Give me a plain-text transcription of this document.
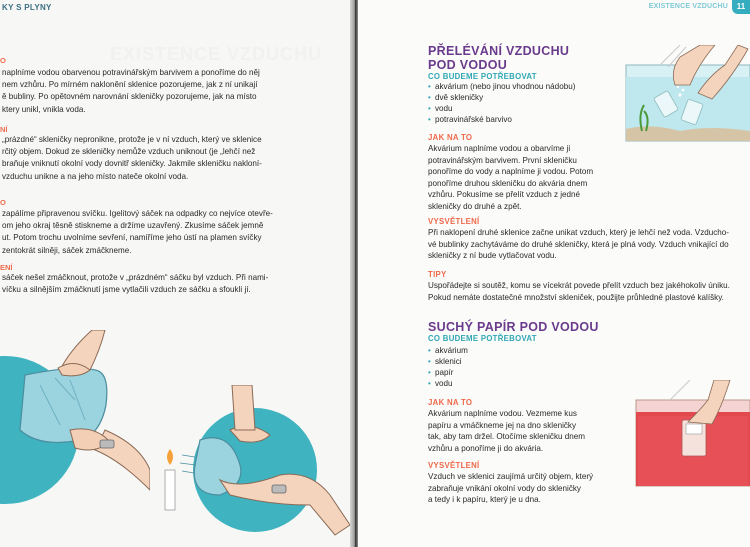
KY S PLYNY
EXISTENCE VZDUCHU
O

naplníme vodou obarvenou potravinářským barvivem a ponoříme do něj
nem vzhůru. Po mírném naklonění sklenice pozorujeme, jak z ní unikají
ě bubliny. Po opětovném narovnání skleničky pozorujeme, jak na místo
ktery unikl, vnikla voda.

NÍ

„prázdné“ skleničky nepronikne, protože je v ní vzduch, který ve sklenice
rčitý objem. Dokud ze skleničky nemůže vzduch uniknout (je „lehčí než
braňuje vniknutí okolní vody dovnitř skleničky. Jakmile skleničku nakloní-
vzduchu unikne a na jeho místo nateče okolní voda.

O

zapálíme připravenou svíčku. Igelitový sáček na odpadky co nejvíce otevře-
om jeho okraj těsně stiskneme a držíme uzavřený. Zkusíme sáček jemně
ut. Potom trochu uvolníme sevření, namíříme jeho ústí na plamen svíčky
zentokrát silněji, sáček zmáčkneme.

ENÍ

sáček nešel zmáčknout, protože v „prázdném“ sáčku byl vzduch. Při nami-
víčku a silnějším zmáčknutí jsme vytlačili vzduch ze sáčku a sfoukli jí.

EXISTENCE VZDUCHU	11
PŘELÉVÁNÍ VZDUCHU
POD VODOU

CO BUDEME POTŘEBOVAT

• akvárium (nebo jinou vhodnou nádobu)
• dvě skleničky
• vodu
• potravinářské barvivo

JAK NA TO

Akvárium naplníme vodou a obarvíme ji
potravinářským barvivem. První skleničku
ponoříme do vody a naplníme ji vodou. Potom
ponoříme druhou skleničku do akvária dnem
vzhůru. Pokusíme se přelít vzduch z jedné
skleničky do druhé a zpět.

VYSVĚTLENÍ

Při naklopení druhé sklenice začne unikat vzduch, který je lehčí než voda. Vzducho-
vé bublinky zachytáváme do druhé skleničky, která je plná vody. Vzduch vnikající do
skleničky z ní bude vytlačovat vodu.

TIPY

Uspořádejte si soutěž, komu se vícekrát povede přelít vzduch bez jakéhokoliv úniku.
Pokud nemáte dostatečné množství skleniček, použijte průhledné plastové kalíšky.

SUCHÝ PAPÍR POD VODOU

CO BUDEME POTŘEBOVAT

• akvárium
• sklenici
• papír
• vodu

JAK NA TO

Akvárium naplníme vodou. Vezmeme kus
papíru a vmáčkneme jej na dno skleničky
tak, aby tam držel. Otočíme skleničku dnem
vzhůru a ponoříme ji do akvária.

VYSVĚTLENÍ

Vzduch ve sklenici zaujímá určitý objem, který
zabraňuje vnikání okolní vody do skleničky
a tedy i k papíru, který je u dna.
